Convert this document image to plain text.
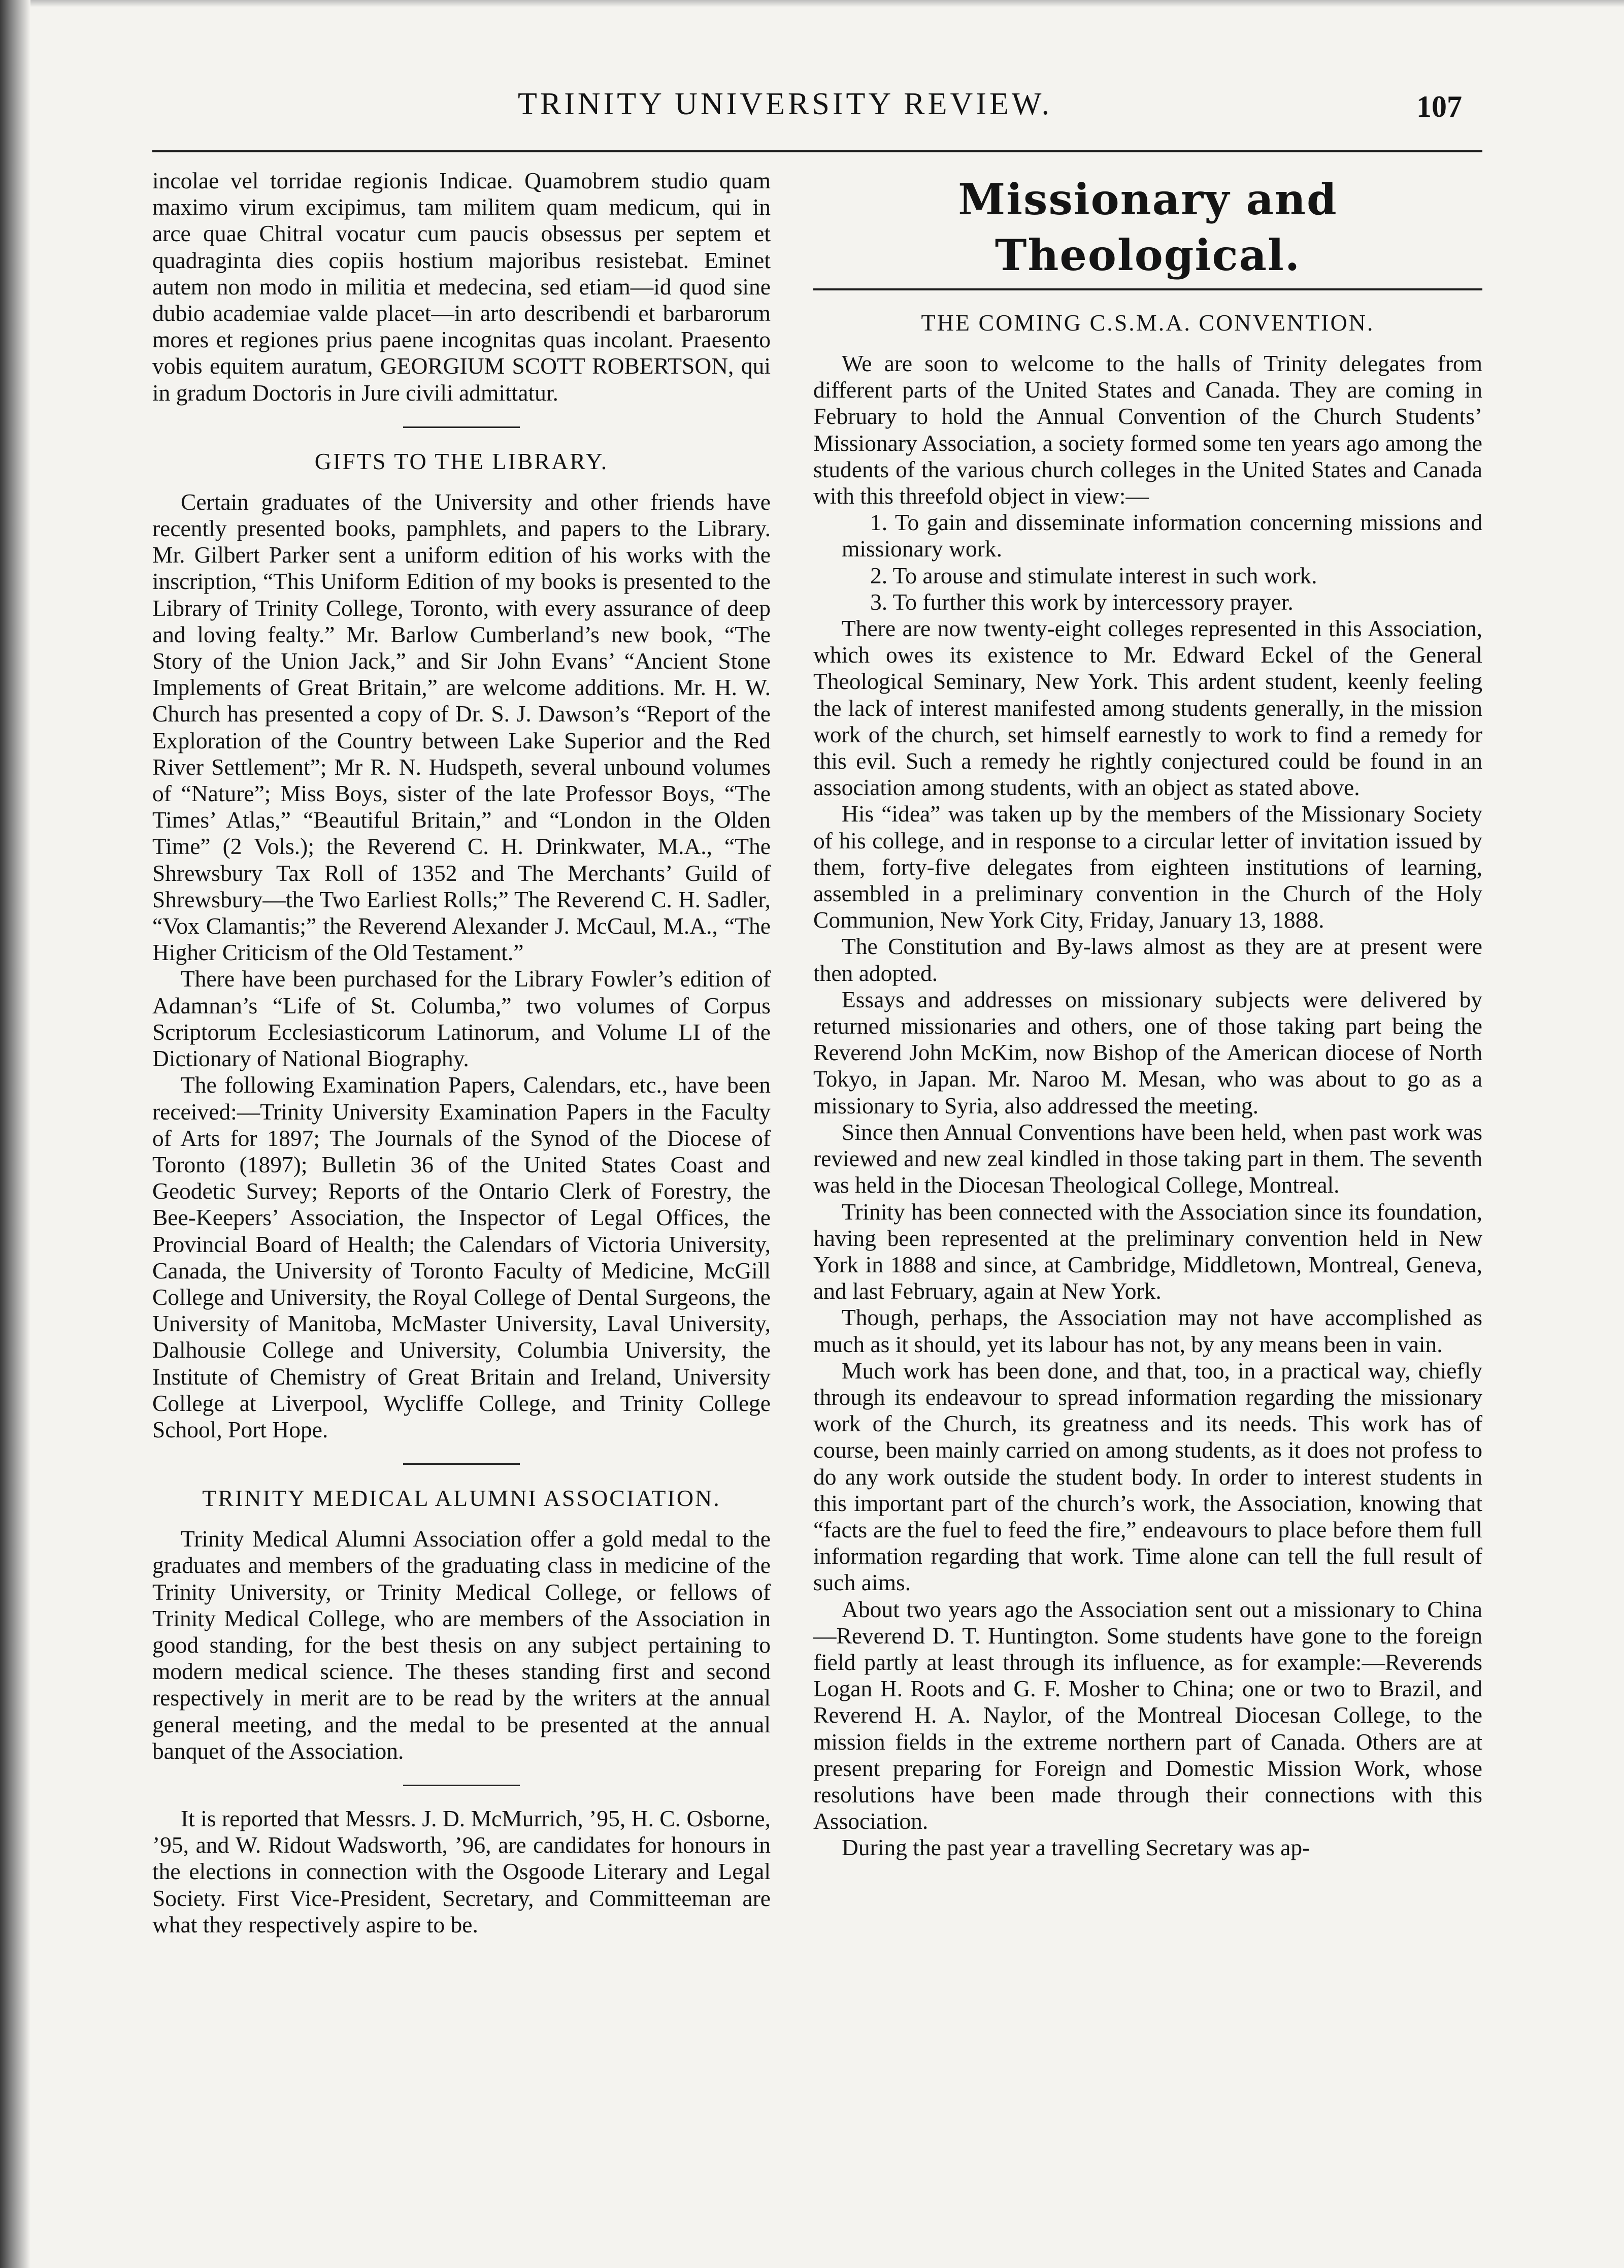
TRINITY UNIVERSITY REVIEW.	107

incolae vel torridae regionis Indicae. Quamobrem studio quam maximo virum excipimus, tam militem quam medicum, qui in arce quae Chitral vocatur cum paucis obsessus per septem et quadraginta dies copiis hostium majoribus resistebat. Eminet autem non modo in militia et medecina, sed etiam—id quod sine dubio academiae valde placet—in arto describendi et barbarorum mores et regiones prius paene incognitas quas incolant. Praesento vobis equitem auratum, GEORGIUM SCOTT ROBERTSON, qui in gradum Doctoris in Jure civili admittatur.

GIFTS TO THE LIBRARY.

Certain graduates of the University and other friends have recently presented books, pamphlets, and papers to the Library. Mr. Gilbert Parker sent a uniform edition of his works with the inscription, “This Uniform Edition of my books is presented to the Library of Trinity College, Toronto, with every assurance of deep and loving fealty.” Mr. Barlow Cumberland’s new book, “The Story of the Union Jack,” and Sir John Evans’ “Ancient Stone Implements of Great Britain,” are welcome additions. Mr. H. W. Church has presented a copy of Dr. S. J. Dawson’s “Report of the Exploration of the Country between Lake Superior and the Red River Settlement”; Mr R. N. Hudspeth, several unbound volumes of “Nature”; Miss Boys, sister of the late Professor Boys, “The Times’ Atlas,” “Beautiful Britain,” and “London in the Olden Time” (2 Vols.); the Reverend C. H. Drinkwater, M.A., “The Shrewsbury Tax Roll of 1352 and The Merchants’ Guild of Shrewsbury—the Two Earliest Rolls;” The Reverend C. H. Sadler, “Vox Clamantis;” the Reverend Alexander J. McCaul, M.A., “The Higher Criticism of the Old Testament.”

There have been purchased for the Library Fowler’s edition of Adamnan’s “Life of St. Columba,” two volumes of Corpus Scriptorum Ecclesiasticorum Latinorum, and Volume LI of the Dictionary of National Biography.

The following Examination Papers, Calendars, etc., have been received:—Trinity University Examination Papers in the Faculty of Arts for 1897; The Journals of the Synod of the Diocese of Toronto (1897); Bulletin 36 of the United States Coast and Geodetic Survey; Reports of the Ontario Clerk of Forestry, the Bee-Keepers’ Association, the Inspector of Legal Offices, the Provincial Board of Health; the Calendars of Victoria University, Canada, the University of Toronto Faculty of Medicine, McGill College and University, the Royal College of Dental Surgeons, the University of Manitoba, McMaster University, Laval University, Dalhousie College and University, Columbia University, the Institute of Chemistry of Great Britain and Ireland, University College at Liverpool, Wycliffe College, and Trinity College School, Port Hope.

TRINITY MEDICAL ALUMNI ASSOCIATION.

Trinity Medical Alumni Association offer a gold medal to the graduates and members of the graduating class in medicine of the Trinity University, or Trinity Medical College, or fellows of Trinity Medical College, who are members of the Association in good standing, for the best thesis on any subject pertaining to modern medical science. The theses standing first and second respectively in merit are to be read by the writers at the annual general meeting, and the medal to be presented at the annual banquet of the Association.

It is reported that Messrs. J. D. McMurrich, ’95, H. C. Osborne, ’95, and W. Ridout Wadsworth, ’96, are candidates for honours in the elections in connection with the Osgoode Literary and Legal Society. First Vice-President, Secretary, and Committeeman are what they respectively aspire to be.

Missionary and Theological.
THE COMING C.S.M.A. CONVENTION.

We are soon to welcome to the halls of Trinity delegates from different parts of the United States and Canada. They are coming in February to hold the Annual Convention of the Church Students’ Missionary Association, a society formed some ten years ago among the students of the various church colleges in the United States and Canada with this threefold object in view:—

1. To gain and disseminate information concerning missions and missionary work.

2. To arouse and stimulate interest in such work.

3. To further this work by intercessory prayer.

There are now twenty-eight colleges represented in this Association, which owes its existence to Mr. Edward Eckel of the General Theological Seminary, New York. This ardent student, keenly feeling the lack of interest manifested among students generally, in the mission work of the church, set himself earnestly to work to find a remedy for this evil. Such a remedy he rightly conjectured could be found in an association among students, with an object as stated above.

His “idea” was taken up by the members of the Missionary Society of his college, and in response to a circular letter of invitation issued by them, forty-five delegates from eighteen institutions of learning, assembled in a preliminary convention in the Church of the Holy Communion, New York City, Friday, January 13, 1888.

The Constitution and By-laws almost as they are at present were then adopted.

Essays and addresses on missionary subjects were delivered by returned missionaries and others, one of those taking part being the Reverend John McKim, now Bishop of the American diocese of North Tokyo, in Japan. Mr. Naroo M. Mesan, who was about to go as a missionary to Syria, also addressed the meeting.

Since then Annual Conventions have been held, when past work was reviewed and new zeal kindled in those taking part in them. The seventh was held in the Diocesan Theological College, Montreal.

Trinity has been connected with the Association since its foundation, having been represented at the preliminary convention held in New York in 1888 and since, at Cambridge, Middletown, Montreal, Geneva, and last February, again at New York.

Though, perhaps, the Association may not have accomplished as much as it should, yet its labour has not, by any means been in vain.

Much work has been done, and that, too, in a practical way, chiefly through its endeavour to spread information regarding the missionary work of the Church, its greatness and its needs. This work has of course, been mainly carried on among students, as it does not profess to do any work outside the student body. In order to interest students in this important part of the church’s work, the Association, knowing that “facts are the fuel to feed the fire,” endeavours to place before them full information regarding that work. Time alone can tell the full result of such aims.

About two years ago the Association sent out a missionary to China—Reverend D. T. Huntington. Some students have gone to the foreign field partly at least through its influence, as for example:—Reverends Logan H. Roots and G. F. Mosher to China; one or two to Brazil, and Reverend H. A. Naylor, of the Montreal Diocesan College, to the mission fields in the extreme northern part of Canada. Others are at present preparing for Foreign and Domestic Mission Work, whose resolutions have been made through their connections with this Association.

During the past year a travelling Secretary was ap-
